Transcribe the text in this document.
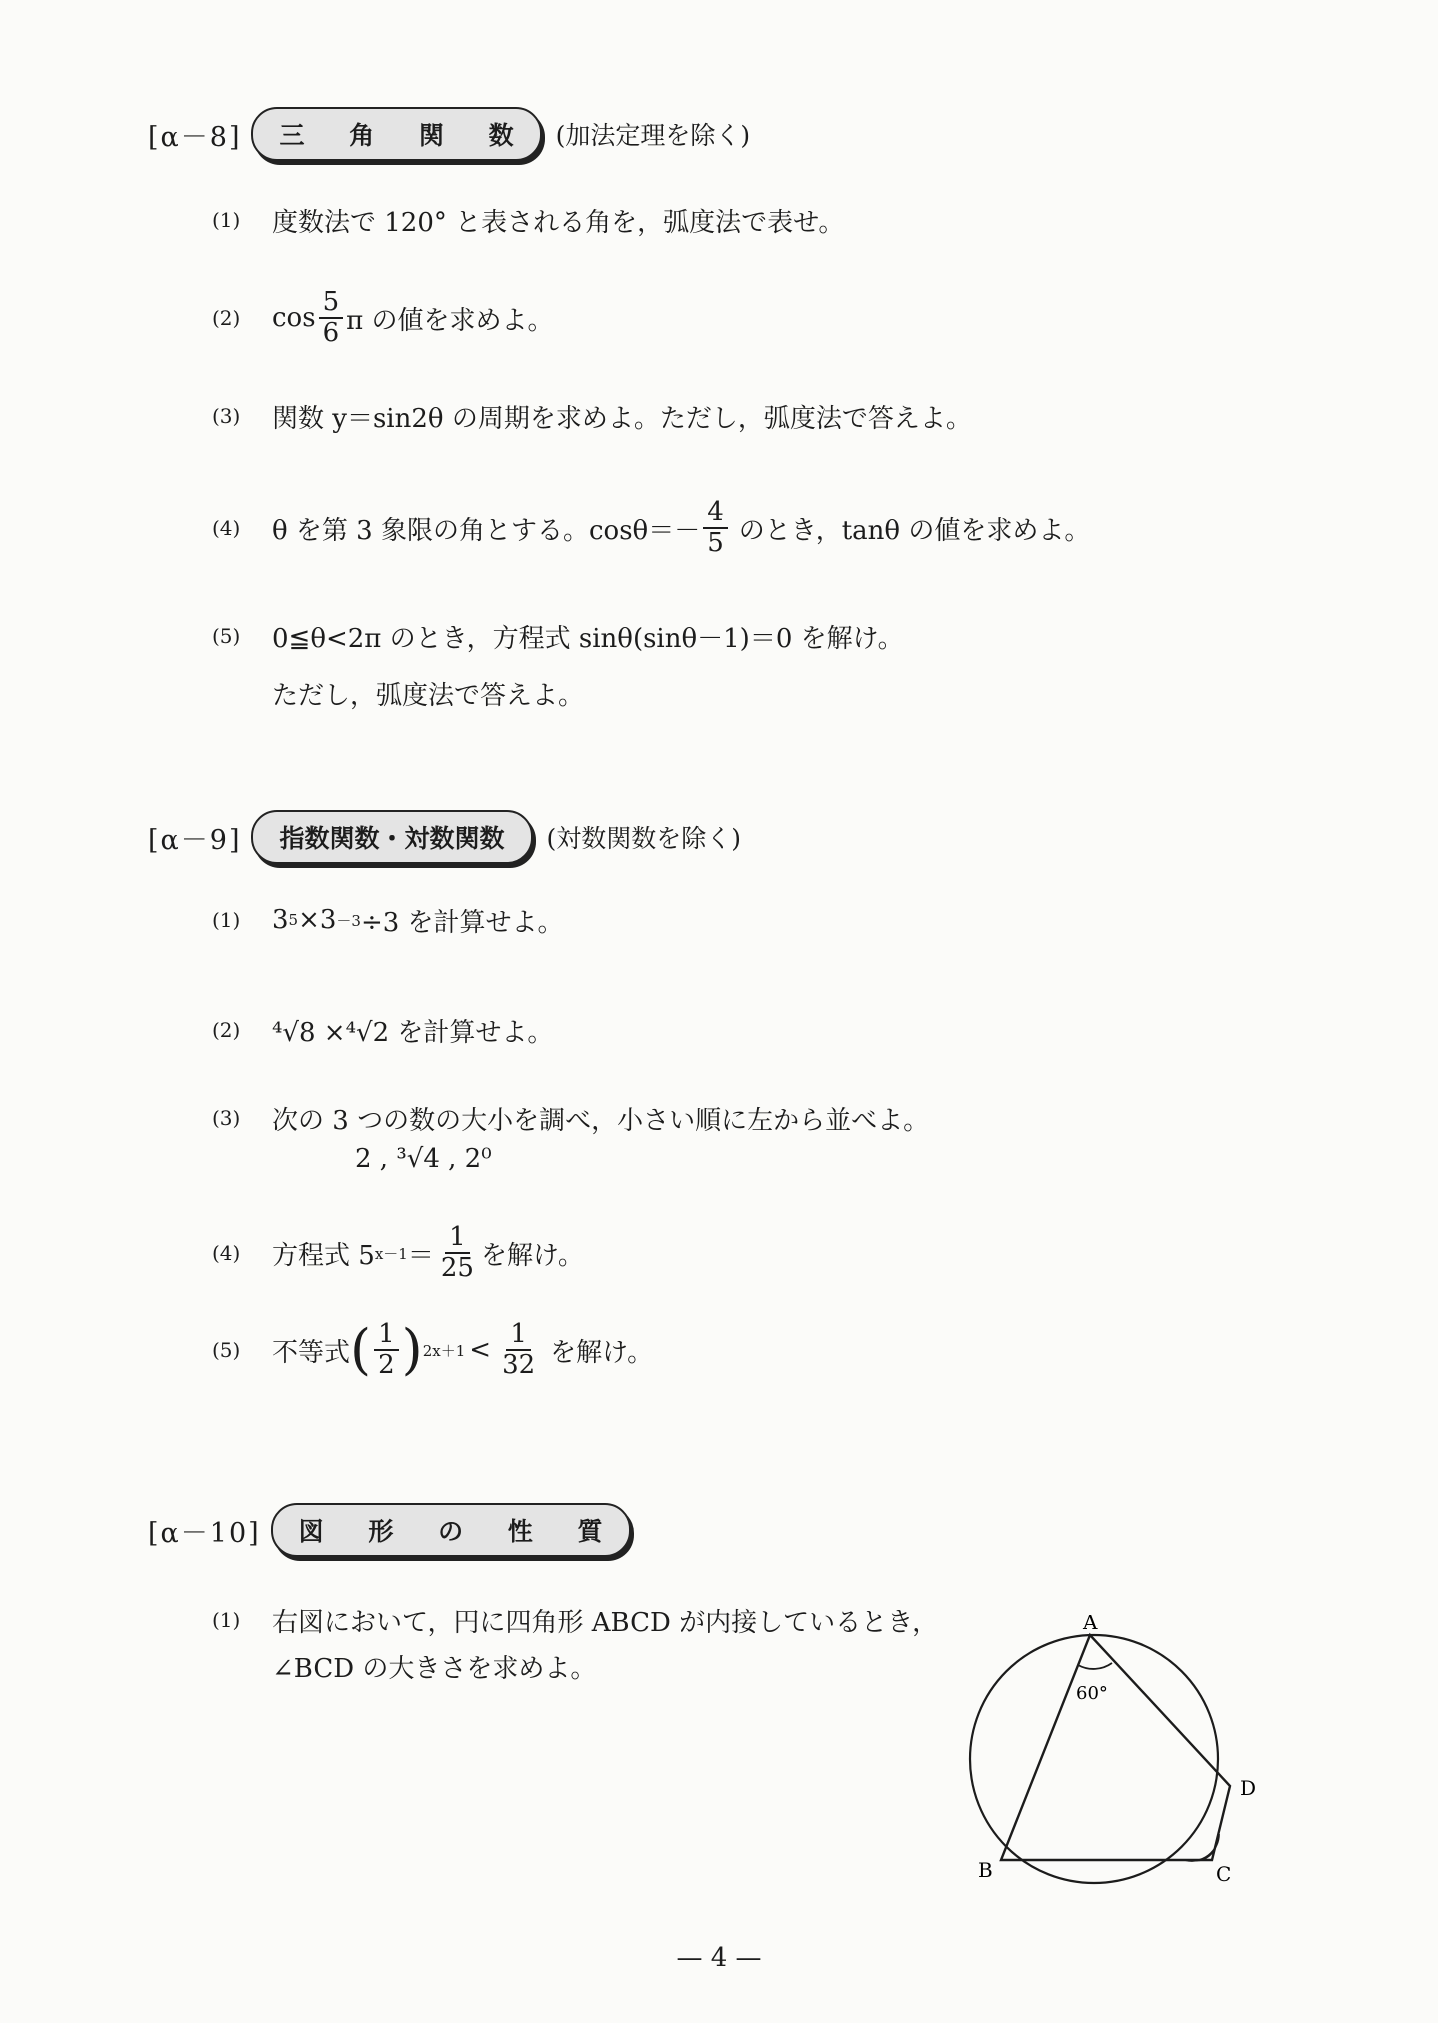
[α－8]	三 角 関 数 (加法定理を除く)
(1)	度数法で 120° と表される角を，弧度法で表せ。
(2)	$\cos \frac{5}{6}$ π の値を求めよ。
(3)	関数 y＝sin2θ の周期を求めよ。ただし，弧度法で答えよ。
(4)	θ を第 3 象限の角とする。$\cos\theta=- \frac{4}{5}$ のとき，tanθ の値を求めよ。
(5)	0≦θ<2π のとき，方程式 sinθ(sinθ－1)＝0 を解け。
ただし，弧度法で答えよ。
[α－9]	指数関数・対数関数	(対数関数を除く)
(1)	3 5 ×3 －3 ÷3 を計算せよ。
(2)	⁴√8 ×⁴√2 を計算せよ。
(3)	次の 3 つの数の大小を調べ，小さい順に左から並べよ。
2 , ³√4 , 2⁰
(4)	方程式 5 $x-1 = \frac{1}{25}$ を解け。
(5)	不等式 ( $\frac{1}{2}$ ) $2x+1 < \frac{1}{32}$ を解け。
[α－10]	図 形 の 性 質
(1)	右図において，円に四角形 ABCD が内接しているとき，
∠BCD の大きさを求めよ。
A
B	C
D
60°
— 4 —
